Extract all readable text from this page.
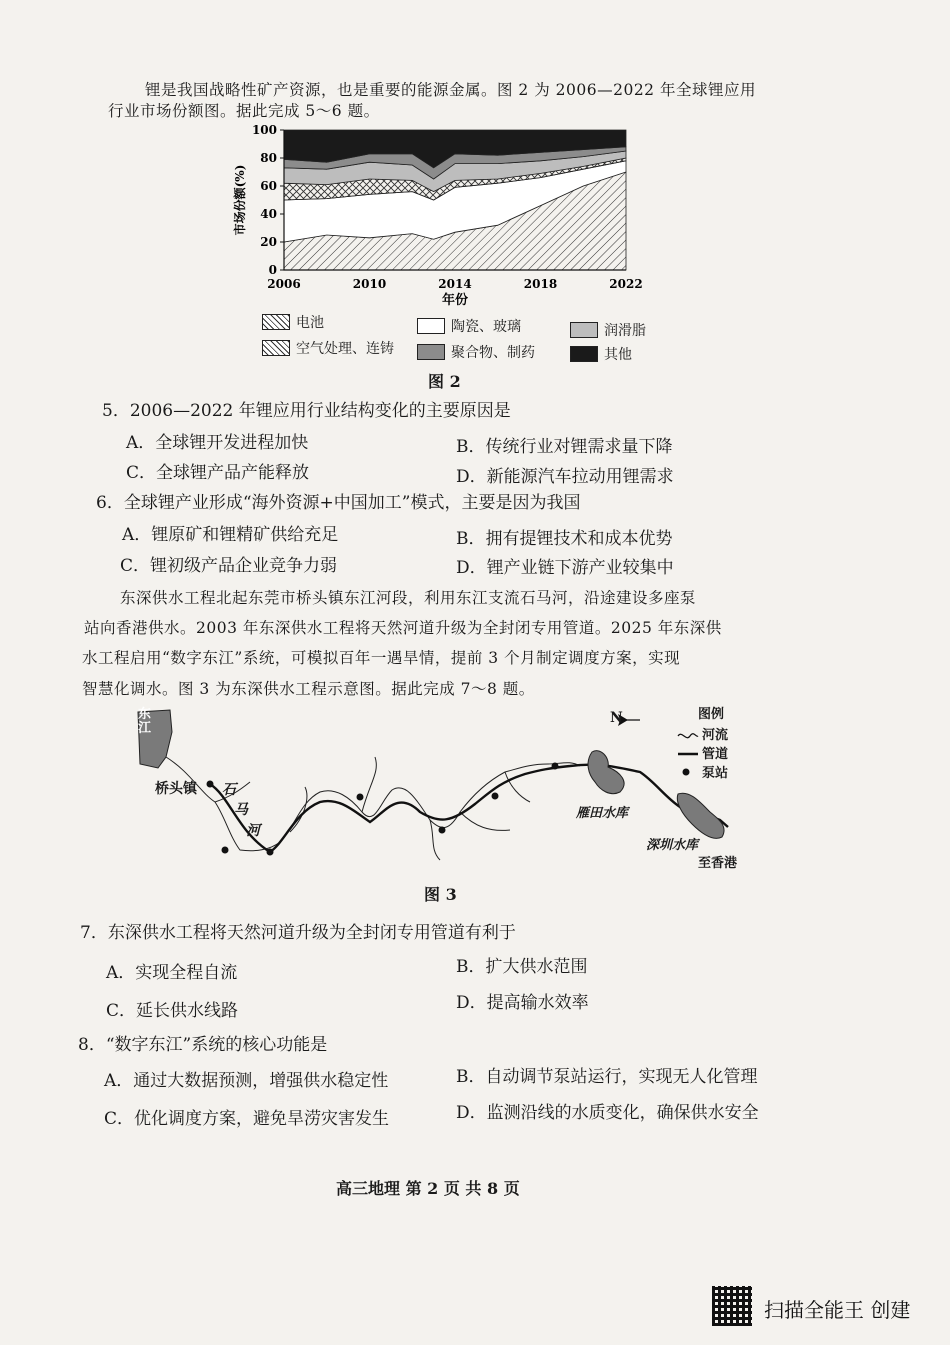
锂是我国战略性矿产资源，也是重要的能源金属。图 2 为 2006—2022 年全球锂应用
行业市场份额图。据此完成 5～6 题。
0
20
40
60
80
100
2006	2010	2014	2018	2022
年份
市场份额(%)
电池	陶瓷、玻璃	润滑脂
空气处理、连铸	聚合物、制药	其他
图 2
5．2006—2022 年锂应用行业结构变化的主要原因是
A．全球锂开发进程加快	B．传统行业对锂需求量下降
C．全球锂产品产能释放	D．新能源汽车拉动用锂需求
6．全球锂产业形成“海外资源+中国加工”模式，主要是因为我国
A．锂原矿和锂精矿供给充足	B．拥有提锂技术和成本优势
C．锂初级产品企业竞争力弱	D．锂产业链下游产业较集中
东深供水工程北起东莞市桥头镇东江河段，利用东江支流石马河，沿途建设多座泵
站向香港供水。2003 年东深供水工程将天然河道升级为全封闭专用管道。2025 年东深供
水工程启用“数字东江”系统，可模拟百年一遇旱情，提前 3 个月制定调度方案，实现
智慧化调水。图 3 为东深供水工程示意图。据此完成 7～8 题。
东江
桥头镇 石
马
河
雁田水库
深圳水库
至香港
N	图例
河流
管道
泵站
图 3
7．东深供水工程将天然河道升级为全封闭专用管道有利于
A．实现全程自流	B．扩大供水范围
C．延长供水线路	D．提高输水效率
8．“数字东江”系统的核心功能是
A．通过大数据预测，增强供水稳定性	B．自动调节泵站运行，实现无人化管理
C．优化调度方案，避免旱涝灾害发生	D．监测沿线的水质变化，确保供水安全
高三地理 第 2 页 共 8 页
扫描全能王 创建
